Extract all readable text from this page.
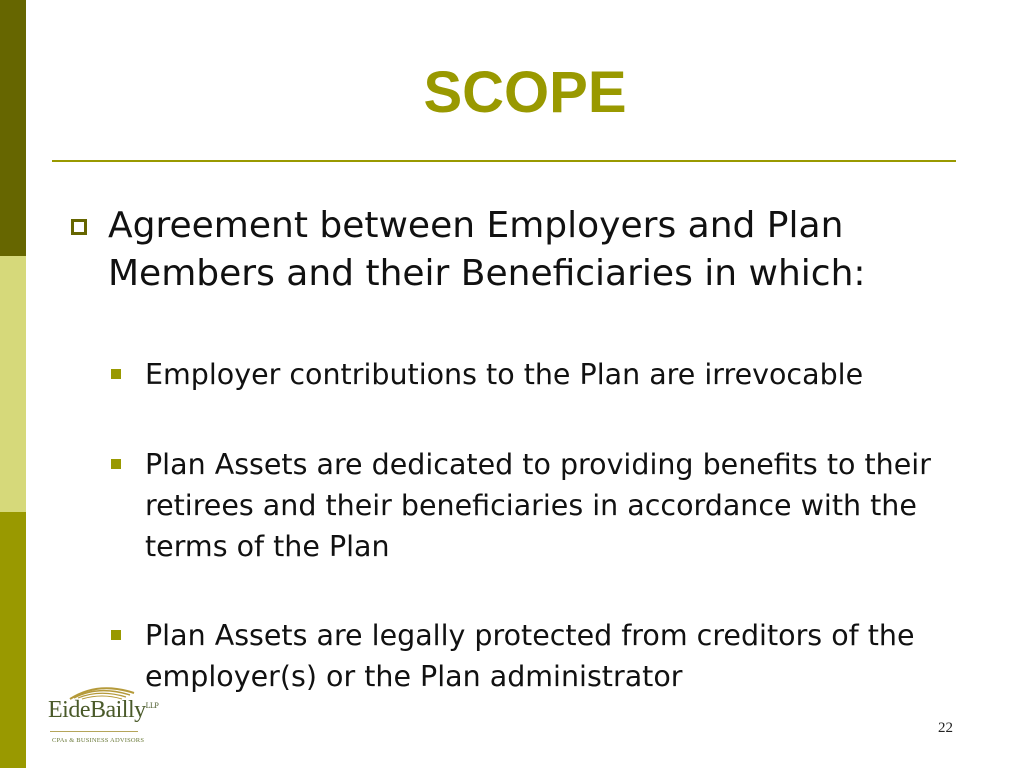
SCOPE
Agreement between Employers and Plan Members and their Beneficiaries in which:
Employer contributions to the Plan are irrevocable
Plan Assets are dedicated to providing benefits to their retirees and their beneficiaries in accordance with the terms of the Plan
Plan Assets are legally protected from creditors of the employer(s) or the Plan administrator
EideBailly$^{LLP}$
CPAs & BUSINESS ADVISORS
22
